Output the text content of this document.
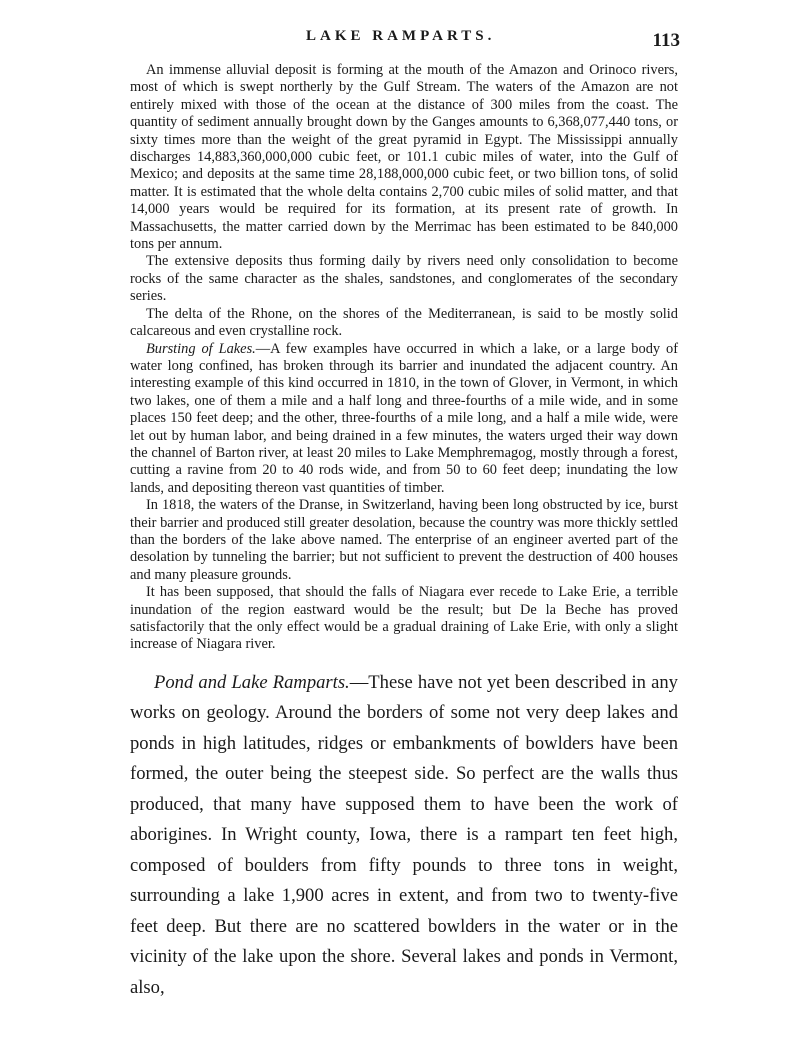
LAKE RAMPARTS.	113

An immense alluvial deposit is forming at the mouth of the Amazon and Orinoco rivers, most of which is swept northerly by the Gulf Stream. The waters of the Amazon are not entirely mixed with those of the ocean at the distance of 300 miles from the coast. The quantity of sediment annually brought down by the Ganges amounts to 6,368,077,440 tons, or sixty times more than the weight of the great pyramid in Egypt. The Mississippi annually discharges 14,883,360,000,000 cubic feet, or 101.1 cubic miles of water, into the Gulf of Mexico; and deposits at the same time 28,188,000,000 cubic feet, or two billion tons, of solid matter. It is estimated that the whole delta contains 2,700 cubic miles of solid matter, and that 14,000 years would be required for its formation, at its present rate of growth. In Massachusetts, the matter carried down by the Merrimac has been estimated to be 840,000 tons per annum.

The extensive deposits thus forming daily by rivers need only consolidation to become rocks of the same character as the shales, sandstones, and conglomerates of the secondary series.

The delta of the Rhone, on the shores of the Mediterranean, is said to be mostly solid calcareous and even crystalline rock.

Bursting of Lakes.—A few examples have occurred in which a lake, or a large body of water long confined, has broken through its barrier and inundated the adjacent country. An interesting example of this kind occurred in 1810, in the town of Glover, in Vermont, in which two lakes, one of them a mile and a half long and three-fourths of a mile wide, and in some places 150 feet deep; and the other, three-fourths of a mile long, and a half a mile wide, were let out by human labor, and being drained in a few minutes, the waters urged their way down the channel of Barton river, at least 20 miles to Lake Memphremagog, mostly through a forest, cutting a ravine from 20 to 40 rods wide, and from 50 to 60 feet deep; inundating the low lands, and depositing thereon vast quantities of timber.

In 1818, the waters of the Dranse, in Switzerland, having been long obstructed by ice, burst their barrier and produced still greater desolation, because the country was more thickly settled than the borders of the lake above named. The enterprise of an engineer averted part of the desolation by tunneling the barrier; but not sufficient to prevent the destruction of 400 houses and many pleasure grounds.

It has been supposed, that should the falls of Niagara ever recede to Lake Erie, a terrible inundation of the region eastward would be the result; but De la Beche has proved satisfactorily that the only effect would be a gradual draining of Lake Erie, with only a slight increase of Niagara river.

Pond and Lake Ramparts.—These have not yet been described in any works on geology. Around the borders of some not very deep lakes and ponds in high latitudes, ridges or embankments of bowlders have been formed, the outer being the steepest side. So perfect are the walls thus produced, that many have supposed them to have been the work of aborigines. In Wright county, Iowa, there is a rampart ten feet high, composed of boulders from fifty pounds to three tons in weight, surrounding a lake 1,900 acres in extent, and from two to twenty-five feet deep. But there are no scattered bowlders in the water or in the vicinity of the lake upon the shore. Several lakes and ponds in Vermont, also,
